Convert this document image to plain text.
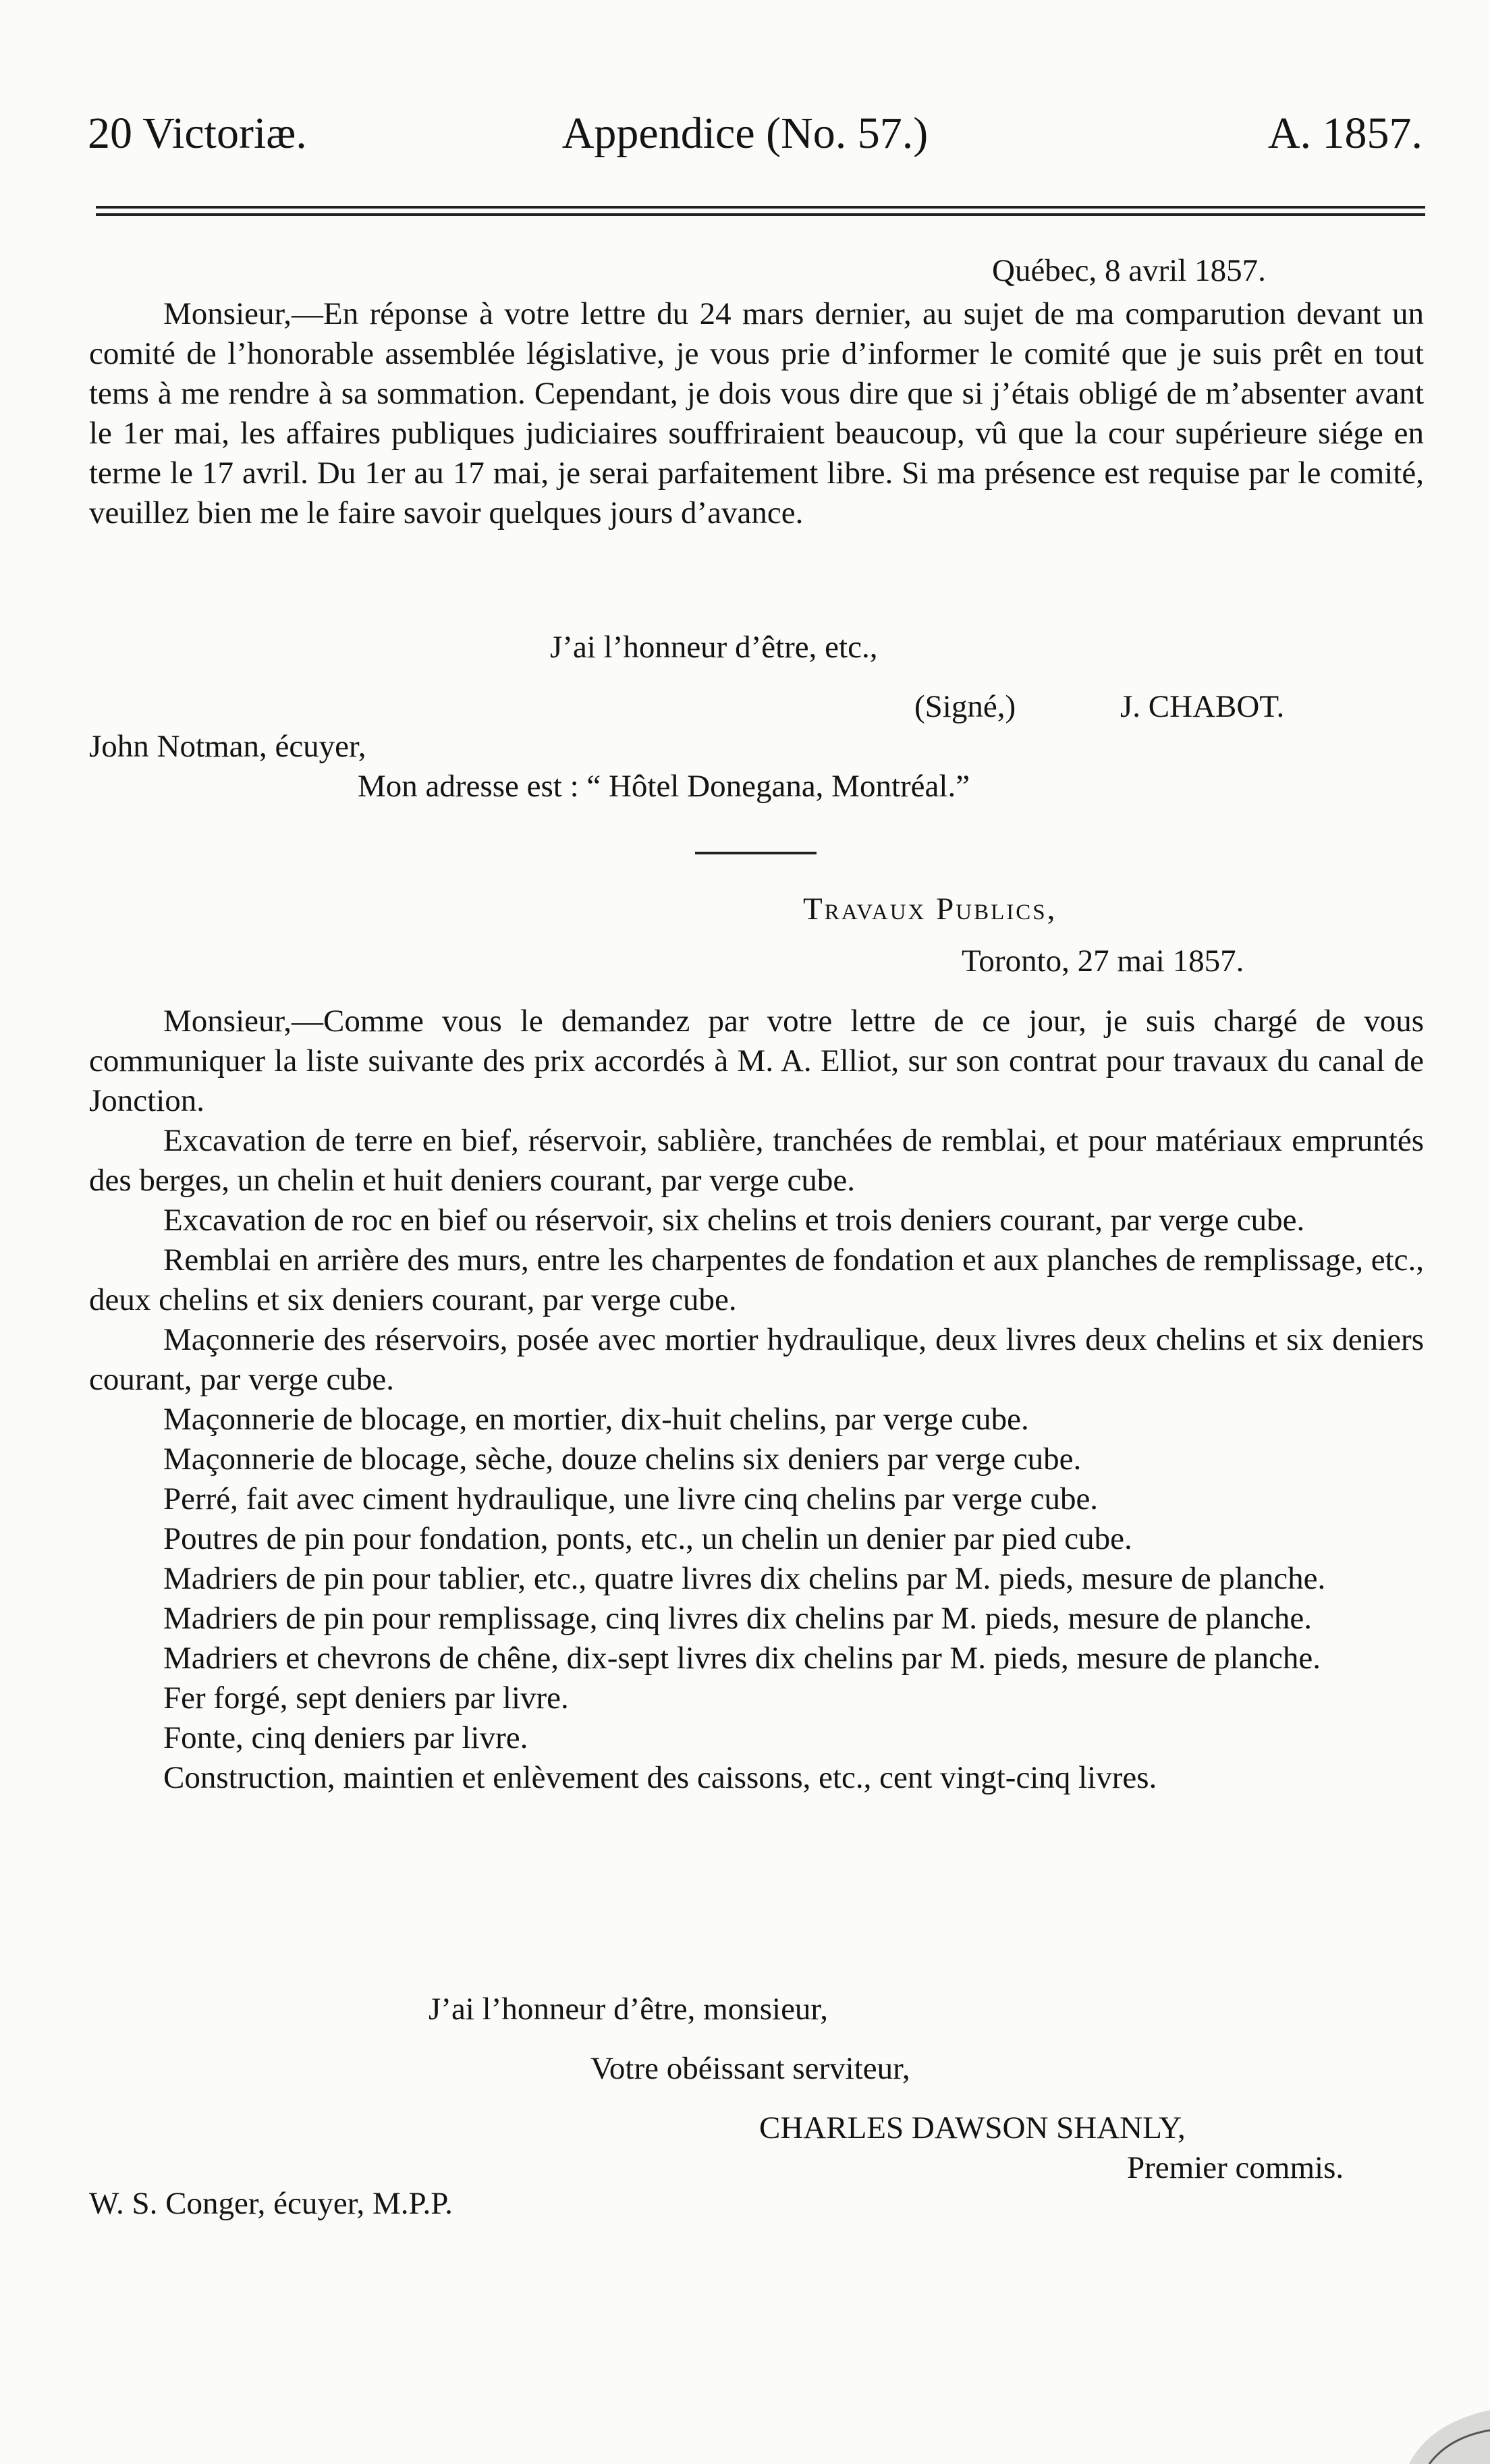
20 Victoriæ.	Appendice (No. 57.)	A. 1857.
Québec, 8 avril 1857.

Monsieur,—En réponse à votre lettre du 24 mars dernier, au sujet de ma comparution devant un comité de l’honorable assemblée législative, je vous prie d’informer le comité que je suis prêt en tout tems à me rendre à sa sommation. Cependant, je dois vous dire que si j’étais obligé de m’absenter avant le 1er mai, les affaires publiques judiciaires souffriraient beaucoup, vû que la cour supérieure siége en terme le 17 avril. Du 1er au 17 mai, je serai parfaitement libre. Si ma présence est requise par le comité, veuillez bien me le faire savoir quelques jours d’avance.

J’ai l’honneur d’être, etc.,
(Signé,)	J. CHABOT.
John Notman, écuyer,
Mon adresse est : “ Hôtel Donegana, Montréal.”
Travaux Publics,
Toronto, 27 mai 1857.

Monsieur,—Comme vous le demandez par votre lettre de ce jour, je suis chargé de vous communiquer la liste suivante des prix accordés à M. A. Elliot, sur son contrat pour travaux du canal de Jonction.

Excavation de terre en bief, réservoir, sablière, tranchées de remblai, et pour matériaux empruntés des berges, un chelin et huit deniers courant, par verge cube.

Excavation de roc en bief ou réservoir, six chelins et trois deniers courant, par verge cube.

Remblai en arrière des murs, entre les charpentes de fondation et aux planches de remplissage, etc., deux chelins et six deniers courant, par verge cube.

Maçonnerie des réservoirs, posée avec mortier hydraulique, deux livres deux chelins et six deniers courant, par verge cube.

Maçonnerie de blocage, en mortier, dix-huit chelins, par verge cube.

Maçonnerie de blocage, sèche, douze chelins six deniers par verge cube.

Perré, fait avec ciment hydraulique, une livre cinq chelins par verge cube.

Poutres de pin pour fondation, ponts, etc., un chelin un denier par pied cube.

Madriers de pin pour tablier, etc., quatre livres dix chelins par M. pieds, mesure de planche.

Madriers de pin pour remplissage, cinq livres dix chelins par M. pieds, mesure de planche.

Madriers et chevrons de chêne, dix-sept livres dix chelins par M. pieds, mesure de planche.

Fer forgé, sept deniers par livre.

Fonte, cinq deniers par livre.

Construction, maintien et enlèvement des caissons, etc., cent vingt-cinq livres.

J’ai l’honneur d’être, monsieur,
Votre obéissant serviteur,
CHARLES DAWSON SHANLY,
Premier commis.
W. S. Conger, écuyer, M.P.P.
